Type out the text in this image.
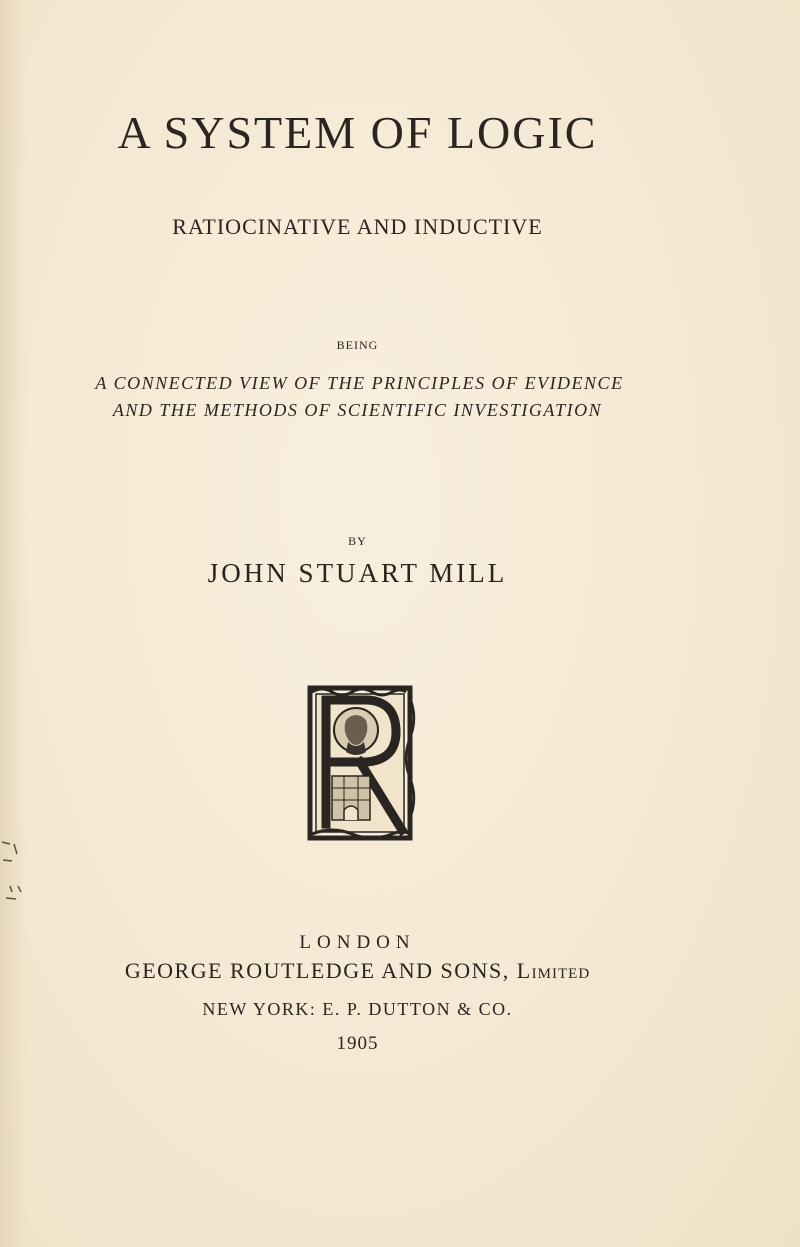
A SYSTEM OF LOGIC
RATIOCINATIVE AND INDUCTIVE
BEING
A CONNECTED VIEW OF THE PRINCIPLES OF EVIDENCE
AND THE METHODS OF SCIENTIFIC INVESTIGATION
BY
JOHN STUART MILL
LONDON
GEORGE ROUTLEDGE AND SONS, LIMITED
NEW YORK: E. P. DUTTON & CO.
1905
